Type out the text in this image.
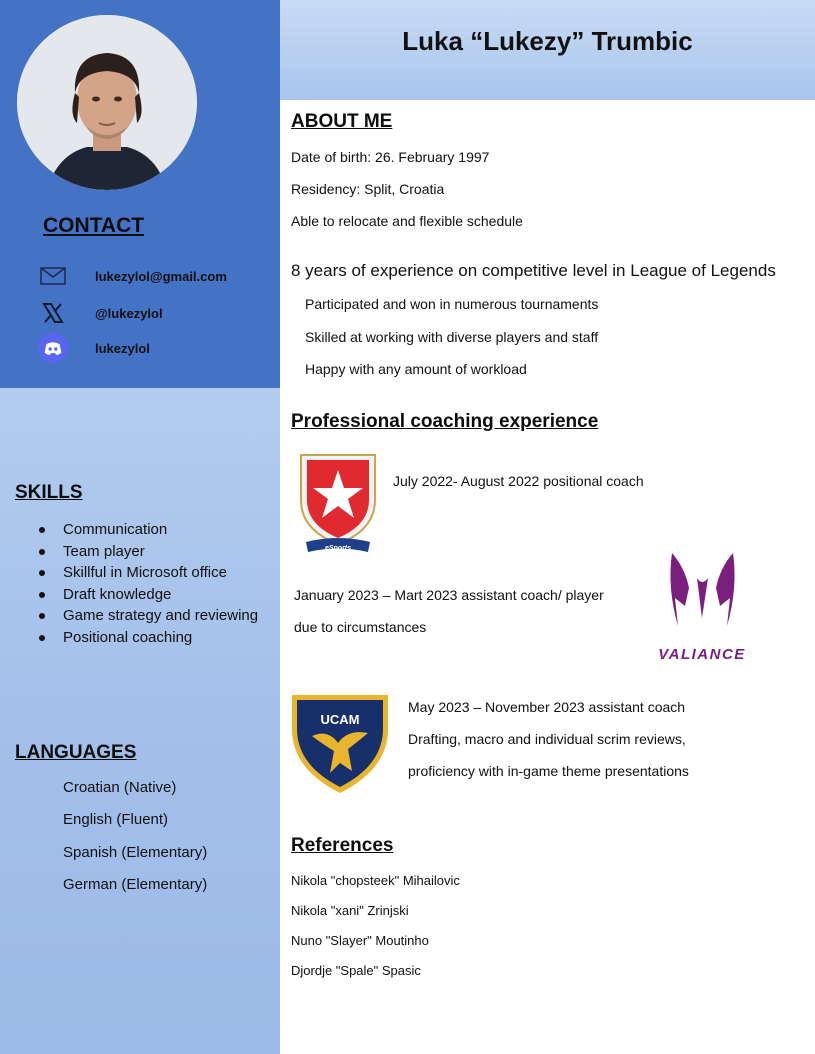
Luka “Lukezy” Trumbic
CONTACT
lukezylol@gmail.com
@lukezylol
lukezylol
SKILLS
Communication
Team player
Skillful in Microsoft office
Draft knowledge
Game strategy and reviewing
Positional coaching
LANGUAGES
Croatian (Native)
English (Fluent)
Spanish (Elementary)
German (Elementary)
ABOUT ME
Date of birth: 26. February 1997
Residency: Split, Croatia
Able to relocate and flexible schedule
8 years of experience on competitive level in League of Legends
Participated and won in numerous tournaments
Skilled at working with diverse players and staff
Happy with any amount of workload
Professional coaching experience
eSports
July 2022- August 2022 positional coach
January 2023 – Mart 2023 assistant coach/ player
due to circumstances
VALIANCE
UCAM
May 2023 – November 2023 assistant coach
Drafting, macro and individual scrim reviews,
proficiency with in-game theme presentations
References
Nikola "chopsteek" Mihailovic
Nikola "xani" Zrinjski
Nuno "Slayer" Moutinho
Djordje "Spale" Spasic
